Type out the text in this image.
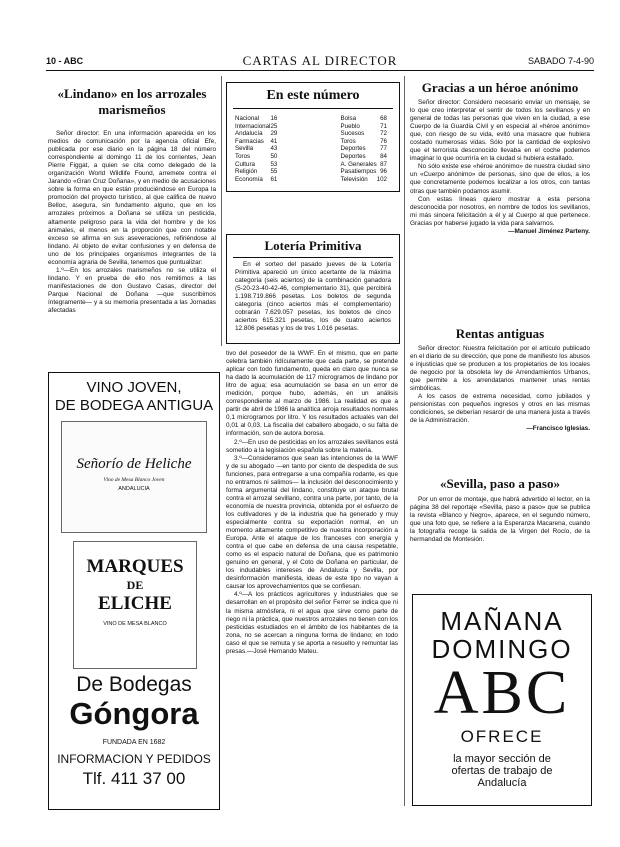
10 - ABC	CARTAS AL DIRECTOR	SABADO 7-4-90
«Lindano» en los arrozales marismeños

Señor director: En una información aparecida en los medios de comunicación por la agencia oficial Efe, publicada por ese diario en la página 18 del número correspondiente al domingo 11 de los corrientes, Jean Pierre Figgat, a quien se cita como delegado de la organización World Wildlife Found, arremete contra el Jarando «Gran Cruz Doñana», y en medio de acusaciones sobre la forma en que están produciéndose en Europa la promoción del proyecto turístico, al que califica de nuevo Belloc, asegura, sin fundamento alguno, que en los arrozales próximos a Doñana se utiliza un pesticida, altamente peligroso para la vida del hombre y de los animales, el menos en la proporción que con notable exceso se afirma en sus aseveraciones, refiriéndose al lindano. Al objeto de evitar confusiones y en defensa de uno de los principales organismos integrantes de la economía agraria de Sevilla, tenemos que puntualizar:

1.º—En los arrozales marismeños no se utiliza el lindano. Y en prueba de ello nos remitimos a las manifestaciones de don Gustavo Casas, director del Parque Nacional de Doñana —que suscribimos íntegramente— y a su memoria presentada a las Jornadas afectadas

VINO JOVEN,
DE BODEGA ANTIGUA
Señorío de Heliche
Vino de Mesa Blanco Joven
ANDALUCIA
MARQUES
DE
ELICHE
VINO DE MESA BLANCO
De Bodegas
Góngora
FUNDADA EN 1682
INFORMACION Y PEDIDOS
Tlf. 411 37 00
En este número
Nacional	16
Internacional	25
Andalucía	29
Farmacias	41
Sevilla	43
Toros	50
Cultura	53
Religión	55
Economía	61
Bolsa	68
Pueblo	71
Sucesos	72
Toros	76
Deportes	77
Deportes	84
A. Generales	87
Pasatiempos	96
Televisión	102
Lotería Primitiva

En el sorteo del pasado jueves de la Lotería Primitiva apareció un único acertante de la máxima categoría (seis aciertos) de la combinación ganadora (5-20-23-40-42-46, complementario 31), que percibirá 1.198.719.866 pesetas. Los boletos de segunda categoría (cinco aciertos más el complementario) cobrarán 7.629.057 pesetas, los boletos de cinco aciertos 615.321 pesetas, los de cuatro aciertos 12.806 pesetas y los de tres 1.016 pesetas.

tivo del poseedor de la WWF. En el mismo, que en parte celebra también ridículamente que cada parte, se pretende aplicar con todo fundamento, queda en claro que nunca se ha dado la acumulación de 117 microgramos de lindano por litro de agua; esa acumulación se basa en un error de medición, porque hubo, además, en un análisis correspondiente al marzo de 1986. La realidad es que a partir de abril de 1986 la analítica arroja resultados normales 0,1 microgramos por litro. Y los resultados actuales van del 0,01 al 0,03. La fiscalía del caballero abogado, o su falta de información, son de autora borosa.

2.º—En uso de pesticidas en los arrozales sevillanos está sometido a la legislación española sobre la materia.

3.º—Consideramos que sean las intenciones de la WWF y de su abogado —en tanto por ciento de despedida de sus funciones, para entregarse a una compañía rodante, es que no entramos ni salimos— la inclusión del desconocimiento y forma argumental del lindano, constituye un ataque brutal contra el arrozal sevillano, contra una parte, por tanto, de la economía de nuestra provincia, obtenida por el esfuerzo de los cultivadores y de la industria que ha generado y muy especialmente contra su exportación normal, en un momento altamente competitivo de nuestra incorporación a Europa. Ante el ataque de los franceses con energía y contra el que cabe en defensa de una causa respetable, como es el espacio natural de Doñana, que es patrimonio genuino en general, y el Coto de Doñana en particular, de los indudables intereses de Andalucía y Sevilla, por desinformación manifiesta, ideas de este tipo no vayan a causar los aprovechamientos que se confiesan.

4.º—A los prácticos agricultores y industriales que se desarrollan en el propósito del señor Ferrer se indica que ni la misma atmósfera, ni el agua que sirve como parte de riego ni la práctica, que nuestros arrozales no tienen con los pesticidas estudiados en el ámbito de los habitantes de la zona, no se acercan a ninguna forma de lindano; en todo caso el que se remuta y se aporta a resuelto y remuntar las presas.—José Hernando Mateu.

Gracias a un héroe anónimo

Señor director: Considero necesario enviar un mensaje, se lo que creo interpretar el sentir de todos los sevillanos y en general de todas las personas que viven en la ciudad, a ese Cuerpo de la Guardia Civil y en especial al «héroe anónimo» que, con riesgo de su vida, evitó una masacre que hubiera costado numerosas vidas. Sólo por la cantidad de explosivo que el terrorista desconocido llevaba en el coche podemos imaginar lo que ocurriría en la ciudad si hubiera estallado.

No sólo existe ese «héroe anónimo» de nuestra ciudad sino un «Cuerpo anónimo» de personas, sino que de ellos, a los que concretamente podemos localizar a los otros, con tantas otras que también podamos asumir.

Con estas líneas quiero mostrar a esta persona desconocida por nosotros, en nombre de todos los sevillanos, mi más sincera felicitación a él y al Cuerpo al que pertenece. Gracias por haberse jugado la vida para salvarnos.

—Manuel Jiménez Parteny.

Rentas antiguas

Señor director: Nuestra felicitación por el artículo publicado en el diario de su dirección, que pone de manifiesto los abusos e injusticias que se producen a los propietarios de los locales de negocio por la obsoleta ley de Arrendamientos Urbanos, que permite a los arrendatarios mantener unas rentas simbólicas.

A los casos de extrema necesidad, como jubilados y pensionistas con pequeños ingresos y otros en las mismas condiciones, se deberían resarcir de una manera justa a través de la Administración.

—Francisco Iglesias.

«Sevilla, paso a paso»

Por un error de montaje, que habrá advertido el lector, en la página 38 del reportaje «Sevilla, paso a paso» que se publica la revista «Blanco y Negro», aparece, en el segundo número, que una foto que, se refiere a la Esperanza Macarena, cuando la fotografía recoge la salida de la Virgen del Rocío, de la hermandad de Montesión.

MAÑANA
DOMINGO
ABC
OFRECE
la mayor sección de
ofertas de trabajo de
Andalucía
